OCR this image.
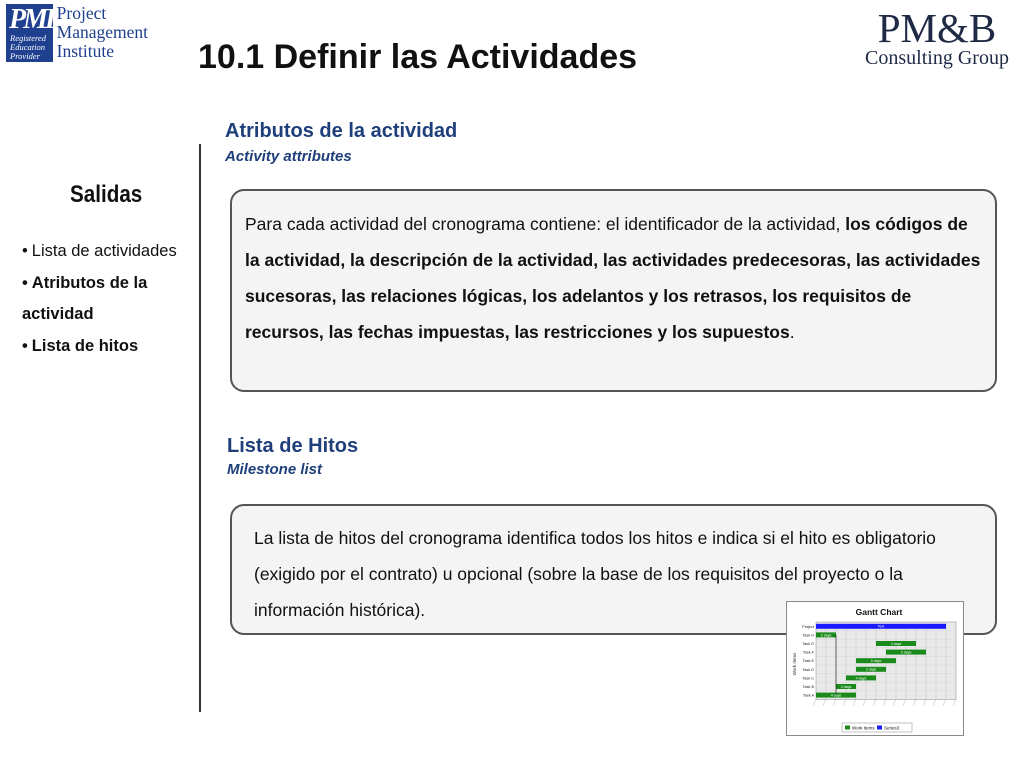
PMI
Registered
Education
Provider
Project
Management
Institute	PM&B
Consulting Group
10.1 Definir las Actividades
Salidas
• Lista de actividades
• Atributos de la actividad
• Lista de hitos
Atributos de la actividad
Activity attributes
Para cada actividad del cronograma contiene: el identificador de la actividad, los códigos de la actividad, la descripción de la actividad, las actividades predecesoras, las actividades sucesoras, las relaciones lógicas, los adelantos y los retrasos, los requisitos de recursos, las fechas impuestas, las restricciones y los supuestos.
Lista de Hitos
Milestone list
La lista de hitos del cronograma identifica todos los hitos e indica si el hito es obligatorio (exigido por el contrato) u opcional (sobre la base de los requisitos del proyecto o la información histórica).	Gantt Chart
Work Items
Project	Text
Task H 2 days
Task G	4 days
Task F	3 days
Task E	5 days
Task D	3 days
Task C	4 days
Task B	3 days
Task A	4 days
Work Items Series3
